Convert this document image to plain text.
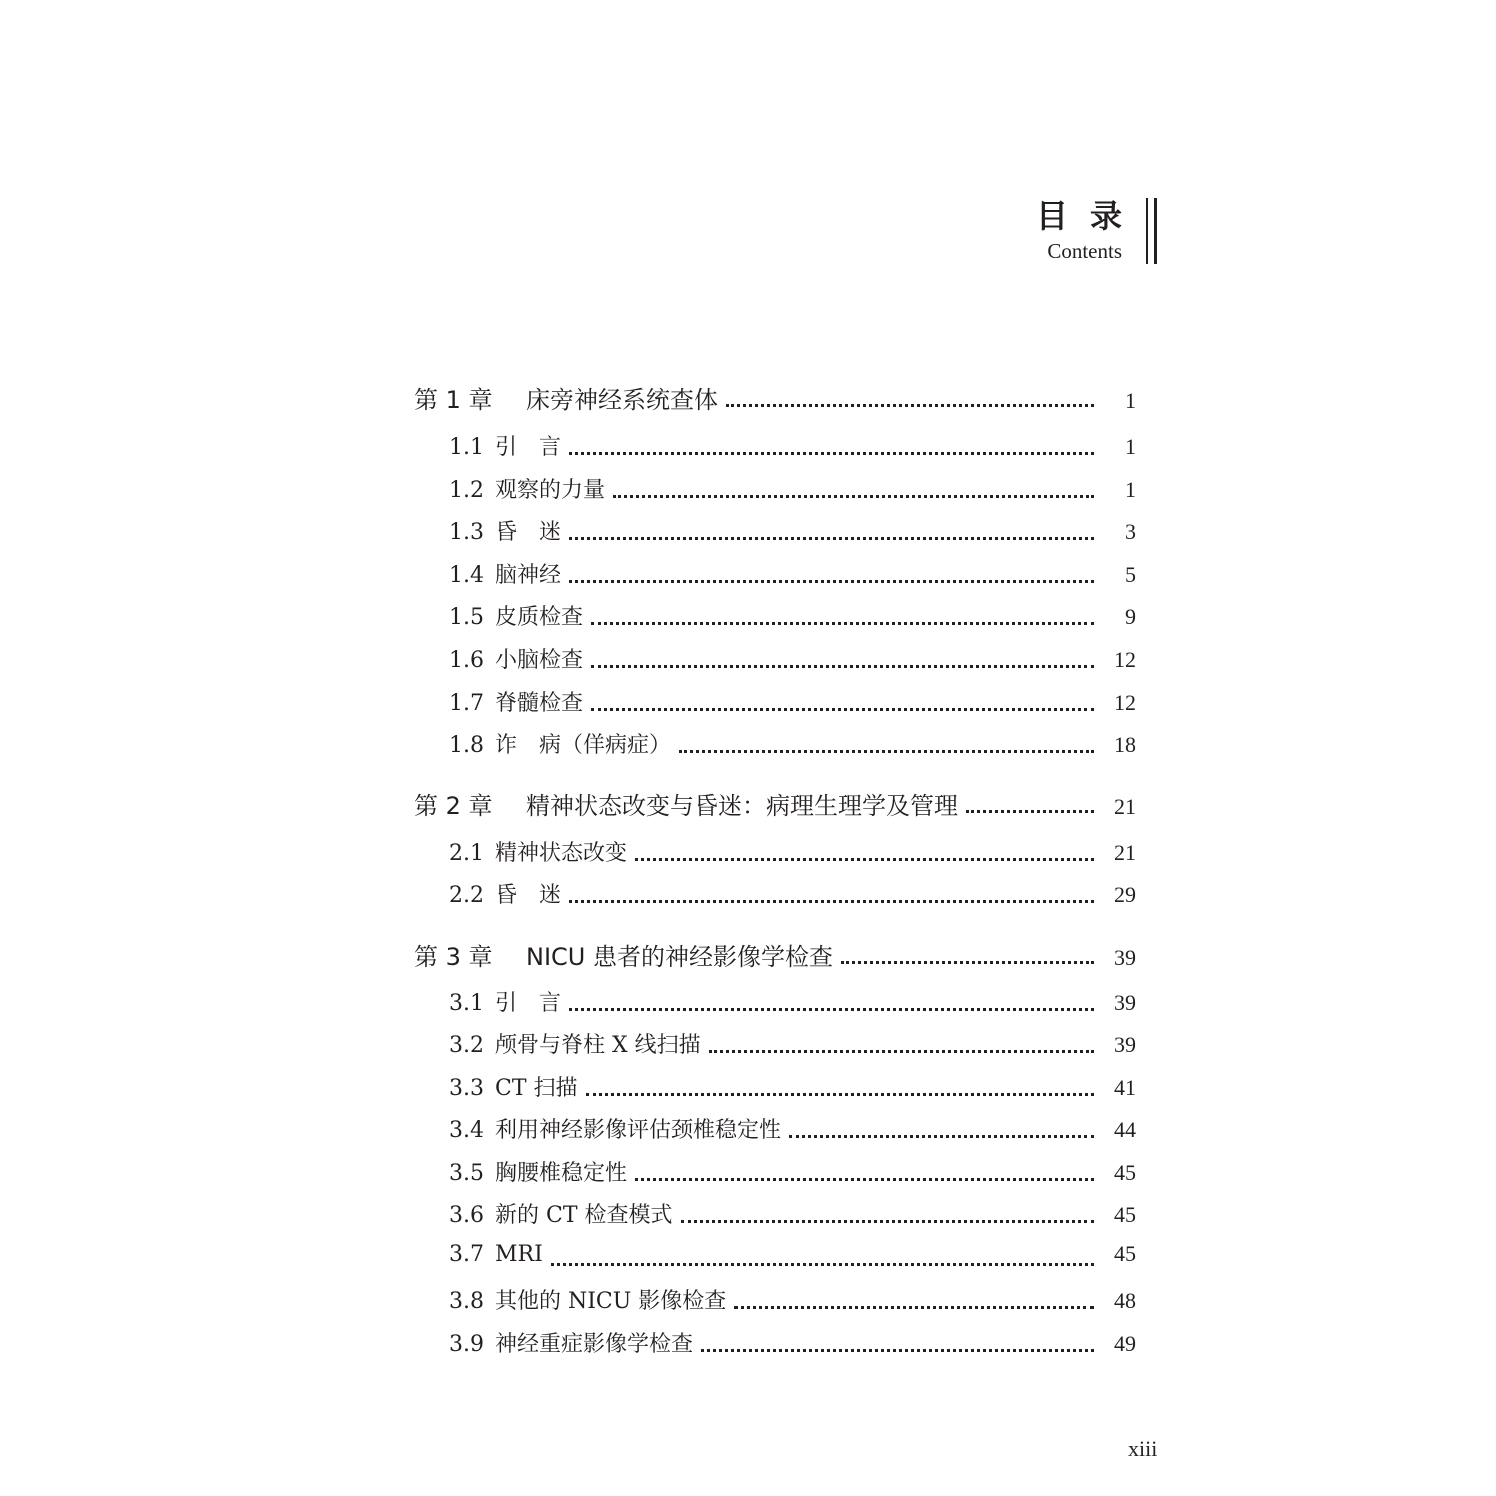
目录
Contents
第 1 章	床旁神经系统查体	1
1.1 引　言	1
1.2 观察的力量	1
1.3 昏　迷	3
1.4 脑神经	5
1.5 皮质检查	9
1.6 小脑检查	12
1.7 脊髓检查	12
1.8 诈　病（佯病症）	18
第 2 章	精神状态改变与昏迷：病理生理学及管理	21
2.1 精神状态改变	21
2.2 昏　迷	29
第 3 章	NICU 患者的神经影像学检查	39
3.1 引　言	39
3.2 颅骨与脊柱 X 线扫描	39
3.3 CT 扫描	41
3.4 利用神经影像评估颈椎稳定性	44
3.5 胸腰椎稳定性	45
3.6 新的 CT 检查模式	45
3.7 MRI	45
3.8 其他的 NICU 影像检查	48
3.9 神经重症影像学检查	49
xiii
